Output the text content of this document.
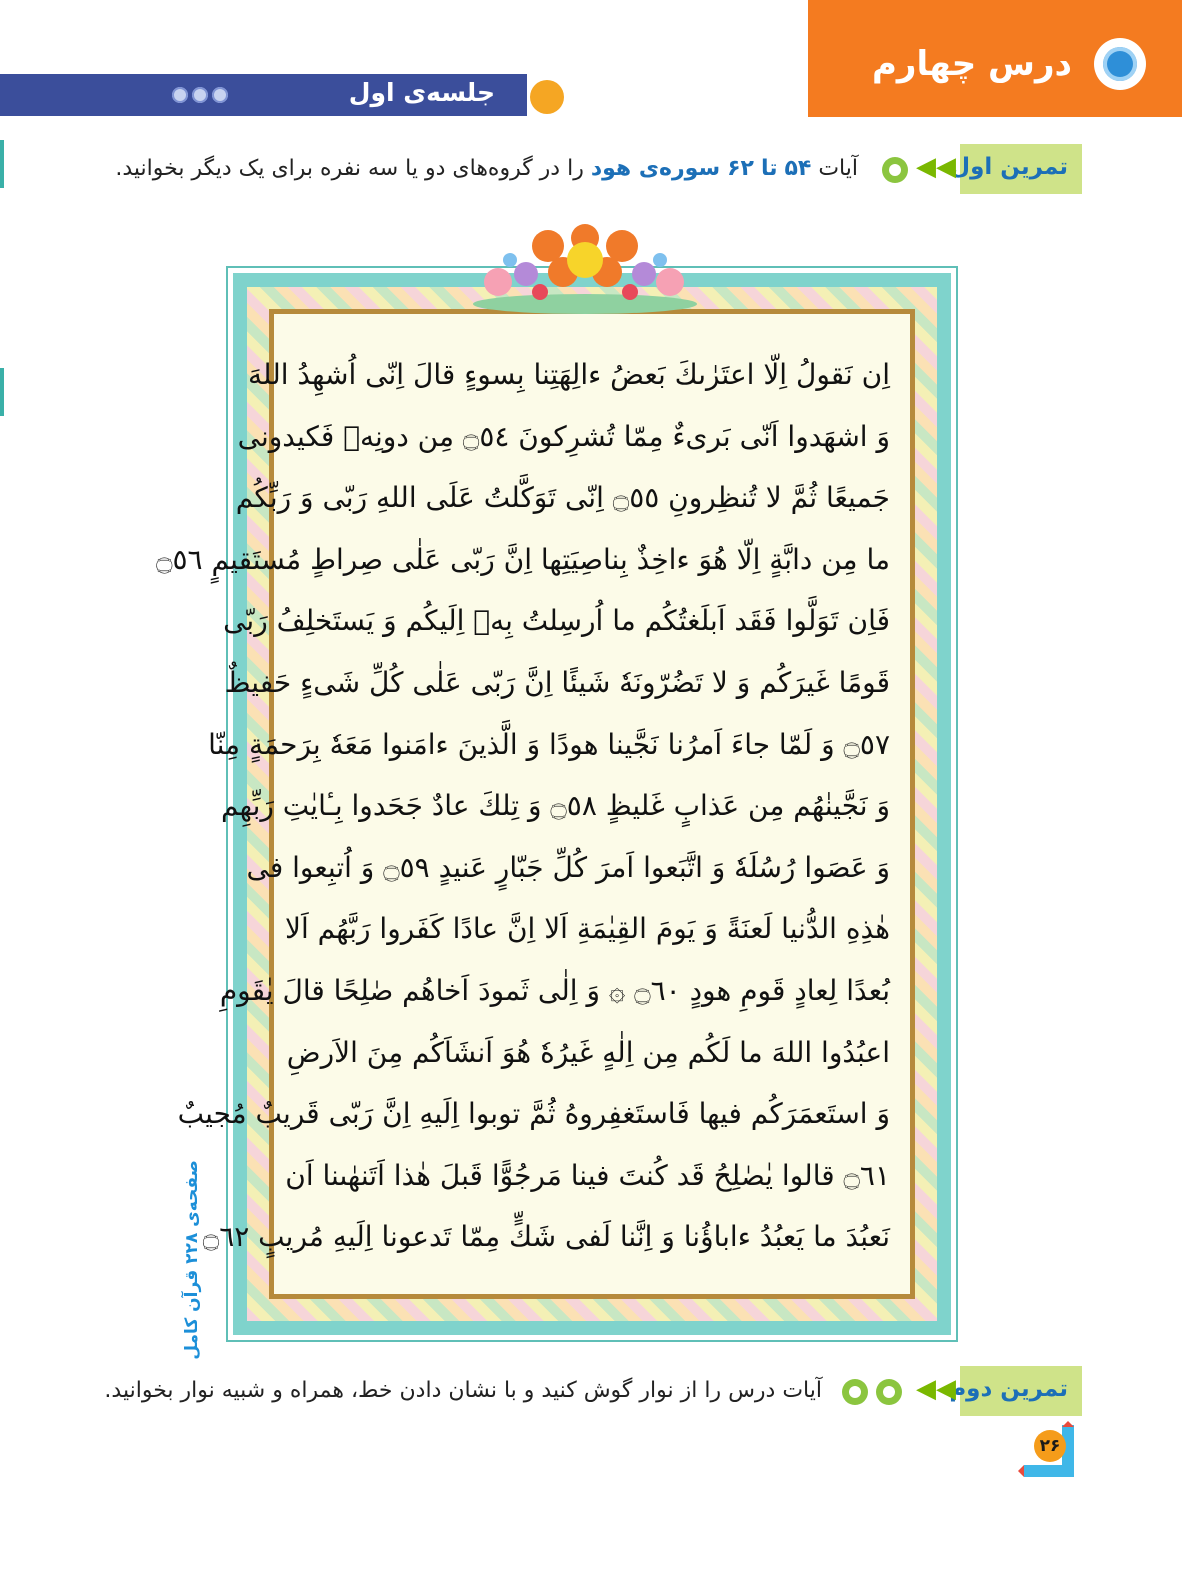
درس چهارم
جلسه‌ی اول
تمرین اول
◀◀
آیات ۵۴ تا ۶۲ سوره‌ی هود را در گروه‌های دو یا سه نفره برای یک دیگر بخوانید.
اِن نَقولُ اِلّا اعتَرٰىكَ بَعضُ ءالِهَتِنا بِسوءٍ قالَ اِنّى اُشهِدُ اللهَ
وَ اشهَدوا اَنّى بَرىءٌ مِمّا تُشرِكونَ ۝٥٤ مِن دونِهٖ فَكيدونى
جَميعًا ثُمَّ لا تُنظِرونِ ۝٥٥ اِنّى تَوَكَّلتُ عَلَى اللهِ رَبّى وَ رَبِّكُم
ما مِن دابَّةٍ اِلّا هُوَ ءاخِذٌ بِناصِيَتِها اِنَّ رَبّى عَلٰى صِراطٍ مُستَقيمٍ ۝٥٦
فَاِن تَوَلَّوا فَقَد اَبلَغتُكُم ما اُرسِلتُ بِهٖ اِلَيكُم وَ يَستَخلِفُ رَبّى
قَومًا غَيرَكُم وَ لا تَضُرّونَهٗ شَيئًا اِنَّ رَبّى عَلٰى كُلِّ شَىءٍ حَفيظٌ
۝٥٧ وَ لَمّا جاءَ اَمرُنا نَجَّينا هودًا وَ الَّذينَ ءامَنوا مَعَهٗ بِرَحمَةٍ مِنّا
وَ نَجَّينٰهُم مِن عَذابٍ غَليظٍ ۝٥٨ وَ تِلكَ عادٌ جَحَدوا بِـٔايٰتِ رَبِّهِم
وَ عَصَوا رُسُلَهٗ وَ اتَّبَعوا اَمرَ كُلِّ جَبّارٍ عَنيدٍ ۝٥٩ وَ اُتبِعوا فى
هٰذِهِ الدُّنيا لَعنَةً وَ يَومَ القِيٰمَةِ اَلا اِنَّ عادًا كَفَروا رَبَّهُم اَلا
بُعدًا لِعادٍ قَومِ هودٍ ۝٦٠ ۞ وَ اِلٰى ثَمودَ اَخاهُم صٰلِحًا قالَ يٰقَومِ
اعبُدُوا اللهَ ما لَكُم مِن اِلٰهٍ غَيرُهٗ هُوَ اَنشَاَكُم مِنَ الاَرضِ
وَ استَعمَرَكُم فيها فَاستَغفِروهُ ثُمَّ توبوا اِلَيهِ اِنَّ رَبّى قَريبٌ مُجيبٌ
۝٦١ قالوا يٰصٰلِحُ قَد كُنتَ فينا مَرجُوًّا قَبلَ هٰذا اَتَنهٰىنا اَن
نَعبُدَ ما يَعبُدُ ءاباؤُنا وَ اِنَّنا لَفى شَكٍّ مِمّا تَدعونا اِلَيهِ مُريبٍ ۝٦٢
صفحه‌ی ۲۲۸ قرآن کامل
تمرین دوم
◀◀
آیات درس را از نوار گوش کنید و با نشان دادن خط، همراه و شبیه نوار بخوانید.
۲۶
